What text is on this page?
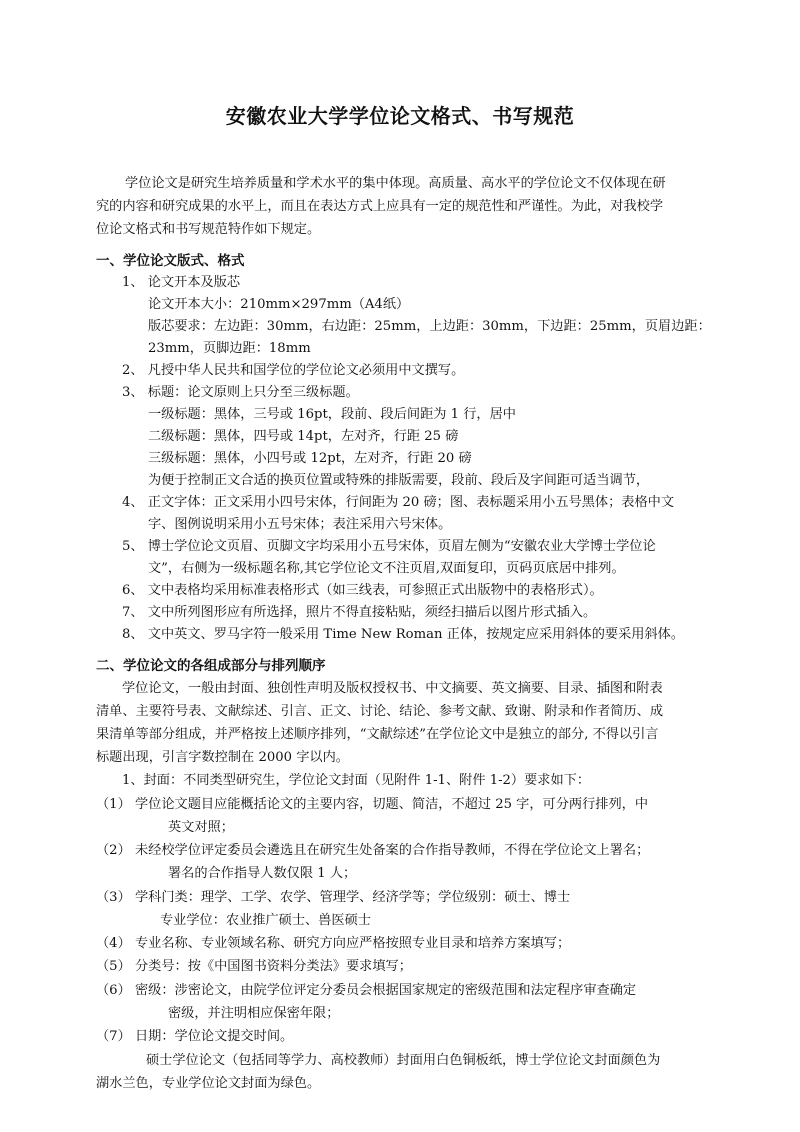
安徽农业大学学位论文格式、书写规范
学位论文是研究生培养质量和学术水平的集中体现。高质量、高水平的学位论文不仅体现在研
究的内容和研究成果的水平上，而且在表达方式上应具有一定的规范性和严谨性。为此，对我校学
位论文格式和书写规范特作如下规定。
一、学位论文版式、格式
1、 论文开本及版芯
论文开本大小：210mm×297mm（A4纸）
版芯要求：左边距：30mm，右边距：25mm，上边距：30mm，下边距：25mm，页眉边距：
23mm，页脚边距：18mm
2、 凡授中华人民共和国学位的学位论文必须用中文撰写。
3、 标题：论文原则上只分至三级标题。
一级标题：黑体，三号或 16pt，段前、段后间距为 1 行，居中
二级标题：黑体，四号或 14pt，左对齐，行距 25 磅
三级标题：黑体，小四号或 12pt，左对齐，行距 20 磅
为便于控制正文合适的换页位置或特殊的排版需要，段前、段后及字间距可适当调节，
4、 正文字体：正文采用小四号宋体，行间距为 20 磅；图、表标题采用小五号黑体；表格中文
字、图例说明采用小五号宋体；表注采用六号宋体。
5、 博士学位论文页眉、页脚文字均采用小五号宋体，页眉左侧为“安徽农业大学博士学位论
文”，右侧为一级标题名称,其它学位论文不注页眉,双面复印，页码页底居中排列。
6、 文中表格均采用标准表格形式（如三线表，可参照正式出版物中的表格形式）。
7、 文中所列图形应有所选择，照片不得直接粘贴，须经扫描后以图片形式插入。
8、 文中英文、罗马字符一般采用 Time New Roman 正体，按规定应采用斜体的要采用斜体。
二、学位论文的各组成部分与排列顺序
学位论文，一般由封面、独创性声明及版权授权书、中文摘要、英文摘要、目录、插图和附表
清单、主要符号表、文献综述、引言、正文、讨论、结论、参考文献、致谢、附录和作者简历、成
果清单等部分组成，并严格按上述顺序排列，“文献综述”在学位论文中是独立的部分, 不得以引言
标题出现，引言字数控制在 2000 字以内。
1、封面：不同类型研究生，学位论文封面（见附件 1-1、附件 1-2）要求如下：
（1） 学位论文题目应能概括论文的主要内容，切题、简洁，不超过 25 字，可分两行排列，中
英文对照；
（2） 未经校学位评定委员会遴选且在研究生处备案的合作指导教师，不得在学位论文上署名；
署名的合作指导人数仅限 1 人；
（3） 学科门类：理学、工学、农学、管理学、经济学等；学位级别：硕士、博士
专业学位：农业推广硕士、兽医硕士
（4） 专业名称、专业领域名称、研究方向应严格按照专业目录和培养方案填写；
（5） 分类号：按《中国图书资料分类法》要求填写；
（6） 密级：涉密论文，由院学位评定分委员会根据国家规定的密级范围和法定程序审查确定
密级，并注明相应保密年限；
（7） 日期：学位论文提交时间。
硕士学位论文（包括同等学力、高校教师）封面用白色铜板纸，博士学位论文封面颜色为
湖水兰色，专业学位论文封面为绿色。
